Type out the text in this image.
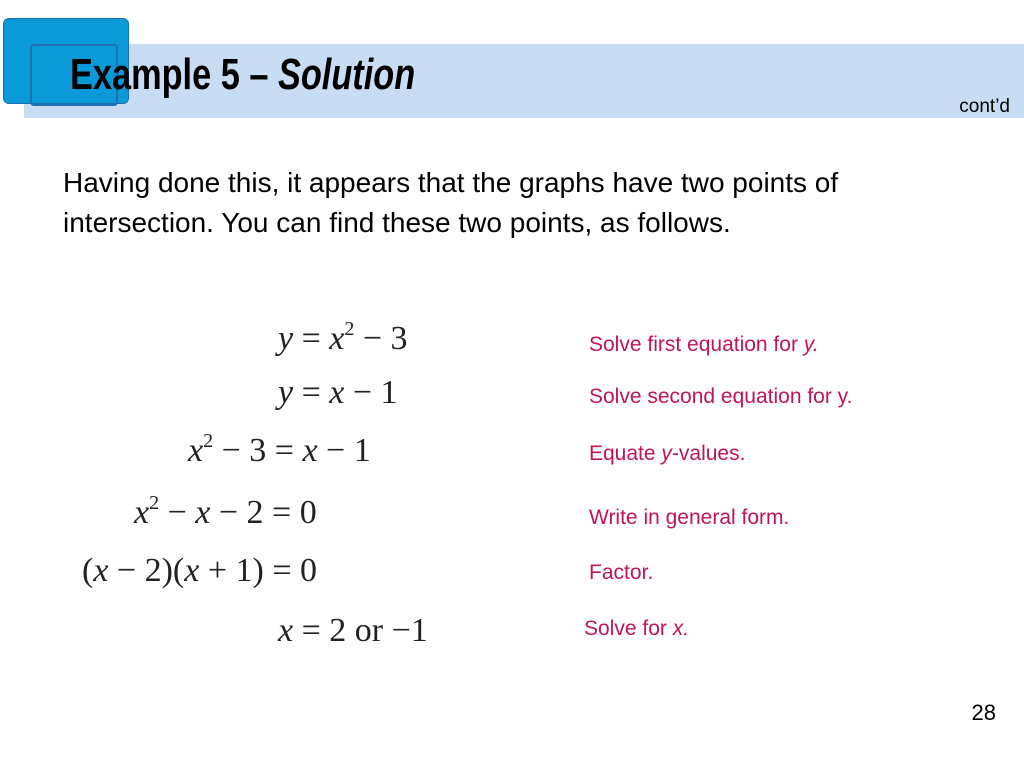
Example 5 – Solution
cont’d

Having done this, it appears that the graphs have two points of intersection. You can find these two points, as follows.

$y = x^2 - 3$
y = x − 1
$x^2 - 3 = x - 1$
$x^2 - x - 2 = 0$
(x − 2)(x + 1) = 0
x = 2 or −1
Solve first equation for y.
Solve second equation for y.
Equate y-values.
Write in general form.
Factor.
Solve for x.
28
